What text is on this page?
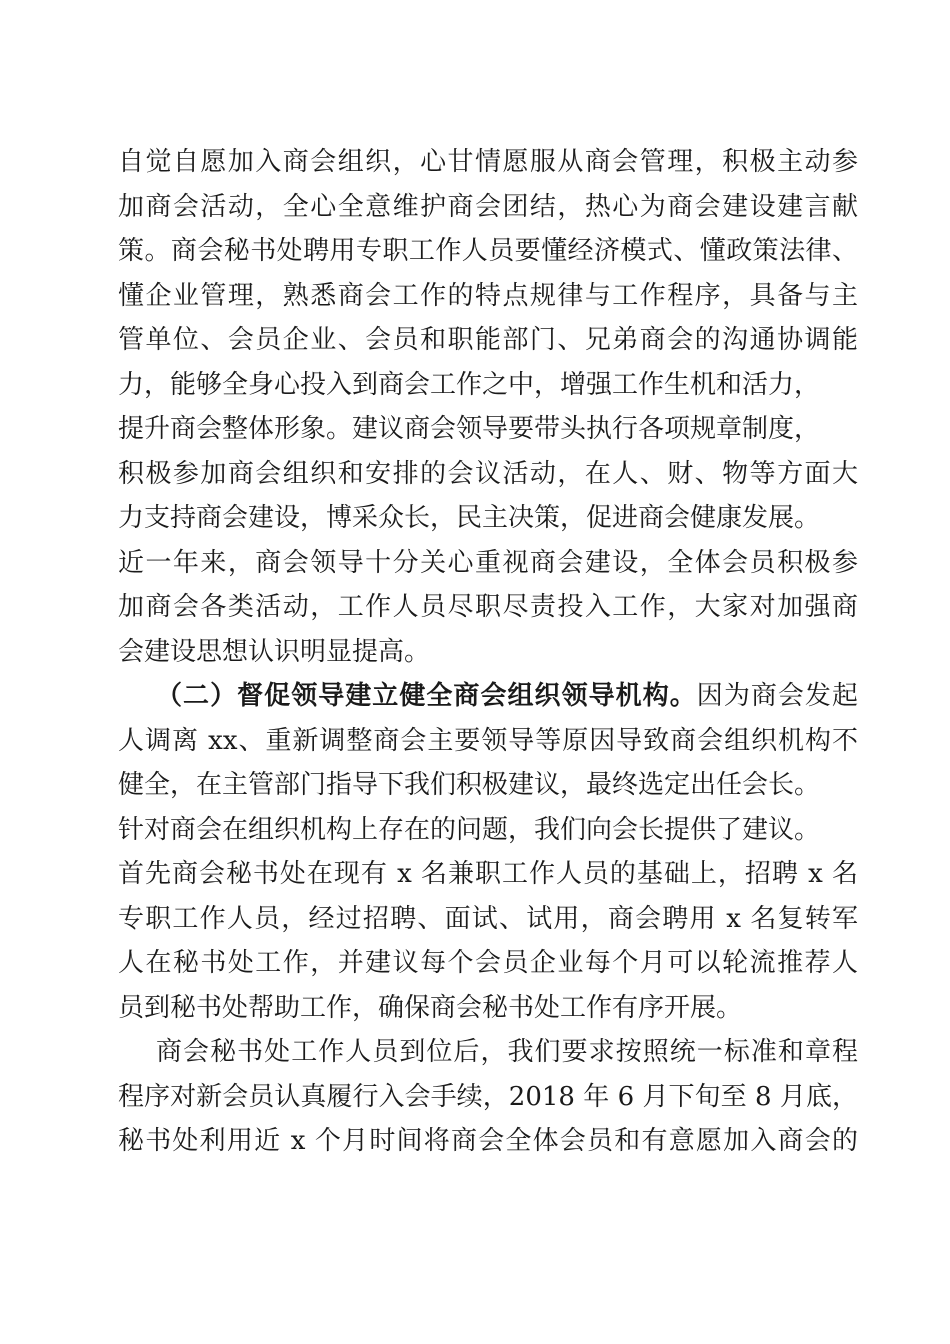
自觉自愿加入商会组织，心甘情愿服从商会管理，积极主动参
加商会活动，全心全意维护商会团结，热心为商会建设建言献
策。商会秘书处聘用专职工作人员要懂经济模式、懂政策法律、
懂企业管理，熟悉商会工作的特点规律与工作程序，具备与主
管单位、会员企业、会员和职能部门、兄弟商会的沟通协调能
力，能够全身心投入到商会工作之中，增强工作生机和活力，
提升商会整体形象。建议商会领导要带头执行各项规章制度，
积极参加商会组织和安排的会议活动，在人、财、物等方面大
力支持商会建设，博采众长，民主决策，促进商会健康发展。
近一年来，商会领导十分关心重视商会建设，全体会员积极参
加商会各类活动，工作人员尽职尽责投入工作，大家对加强商
会建设思想认识明显提高。
（二）督促领导建立健全商会组织领导机构。因为商会发起
人调离 xx、重新调整商会主要领导等原因导致商会组织机构不
健全，在主管部门指导下我们积极建议，最终选定出任会长。
针对商会在组织机构上存在的问题，我们向会长提供了建议。
首先商会秘书处在现有 x 名兼职工作人员的基础上，招聘 x 名
专职工作人员，经过招聘、面试、试用，商会聘用 x 名复转军
人在秘书处工作，并建议每个会员企业每个月可以轮流推荐人
员到秘书处帮助工作，确保商会秘书处工作有序开展。
商会秘书处工作人员到位后，我们要求按照统一标准和章程
程序对新会员认真履行入会手续，2018 年 6 月下旬至 8 月底，
秘书处利用近 x 个月时间将商会全体会员和有意愿加入商会的
